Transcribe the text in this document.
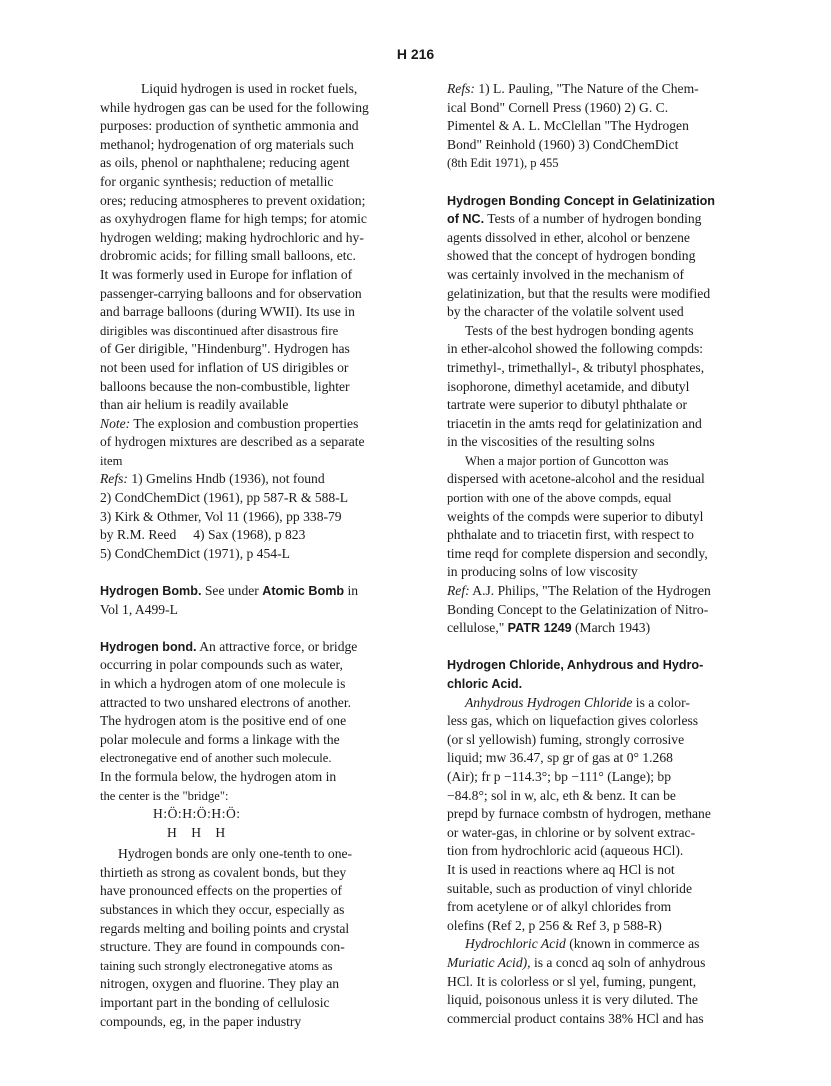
H 216
Liquid hydrogen is used in rocket fuels,
while hydrogen gas can be used for the following
purposes: production of synthetic ammonia and
methanol; hydrogenation of org materials such
as oils, phenol or naphthalene; reducing agent
for organic synthesis; reduction of metallic
ores; reducing atmospheres to prevent oxidation;
as oxyhydrogen flame for high temps; for atomic
hydrogen welding; making hydrochloric and hy-
drobromic acids; for filling small balloons, etc.
It was formerly used in Europe for inflation of
passenger-carrying balloons and for observation
and barrage balloons (during WWII). Its use in
dirigibles was discontinued after disastrous fire
of Ger dirigible, "Hindenburg". Hydrogen has
not been used for inflation of US dirigibles or
balloons because the non-combustible, lighter
than air helium is readily available
Note: The explosion and combustion properties
of hydrogen mixtures are described as a separate
item
Refs: 1) Gmelins Hndb (1936), not found
2) CondChemDict (1961), pp 587-R & 588-L
3) Kirk & Othmer, Vol 11 (1966), pp 338-79
by R.M. Reed     4) Sax (1968), p 823
5) CondChemDict (1971), p 454-L
Hydrogen Bomb. See under Atomic Bomb in
Vol 1, A499-L
Hydrogen bond. An attractive force, or bridge
occurring in polar compounds such as water,
in which a hydrogen atom of one molecule is
attracted to two unshared electrons of another.
The hydrogen atom is the positive end of one
polar molecule and forms a linkage with the
electronegative end of another such molecule.
In the formula below, the hydrogen atom in
the center is the "bridge":
H:Ö:H:Ö:H:Ö:
H H H
Hydrogen bonds are only one-tenth to one-
thirtieth as strong as covalent bonds, but they
have pronounced effects on the properties of
substances in which they occur, especially as
regards melting and boiling points and crystal
structure. They are found in compounds con-
taining such strongly electronegative atoms as
nitrogen, oxygen and fluorine. They play an
important part in the bonding of cellulosic
compounds, eg, in the paper industry
Refs: 1) L. Pauling, "The Nature of the Chem-
ical Bond" Cornell Press (1960) 2) G. C.
Pimentel & A. L. McClellan "The Hydrogen
Bond" Reinhold (1960) 3) CondChemDict
(8th Edit 1971), p 455
Hydrogen Bonding Concept in Gelatinization
of NC. Tests of a number of hydrogen bonding
agents dissolved in ether, alcohol or benzene
showed that the concept of hydrogen bonding
was certainly involved in the mechanism of
gelatinization, but that the results were modified
by the character of the volatile solvent used
Tests of the best hydrogen bonding agents
in ether-alcohol showed the following compds:
trimethyl-, trimethallyl-, & tributyl phosphates,
isophorone, dimethyl acetamide, and dibutyl
tartrate were superior to dibutyl phthalate or
triacetin in the amts reqd for gelatinization and
in the viscosities of the resulting solns
When a major portion of Guncotton was
dispersed with acetone-alcohol and the residual
portion with one of the above compds, equal
weights of the compds were superior to dibutyl
phthalate and to triacetin first, with respect to
time reqd for complete dispersion and secondly,
in producing solns of low viscosity
Ref: A.J. Philips, "The Relation of the Hydrogen
Bonding Concept to the Gelatinization of Nitro-
cellulose," PATR 1249 (March 1943)
Hydrogen Chloride, Anhydrous and Hydro-
chloric Acid.
Anhydrous Hydrogen Chloride is a color-
less gas, which on liquefaction gives colorless
(or sl yellowish) fuming, strongly corrosive
liquid; mw 36.47, sp gr of gas at 0° 1.268
(Air); fr p −114.3°; bp −111° (Lange); bp
−84.8°; sol in w, alc, eth & benz. It can be
prepd by furnace combstn of hydrogen, methane
or water-gas, in chlorine or by solvent extrac-
tion from hydrochloric acid (aqueous HCl).
It is used in reactions where aq HCl is not
suitable, such as production of vinyl chloride
from acetylene or of alkyl chlorides from
olefins (Ref 2, p 256 & Ref 3, p 588-R)
Hydrochloric Acid (known in commerce as
Muriatic Acid), is a concd aq soln of anhydrous
HCl. It is colorless or sl yel, fuming, pungent,
liquid, poisonous unless it is very diluted. The
commercial product contains 38% HCl and has
